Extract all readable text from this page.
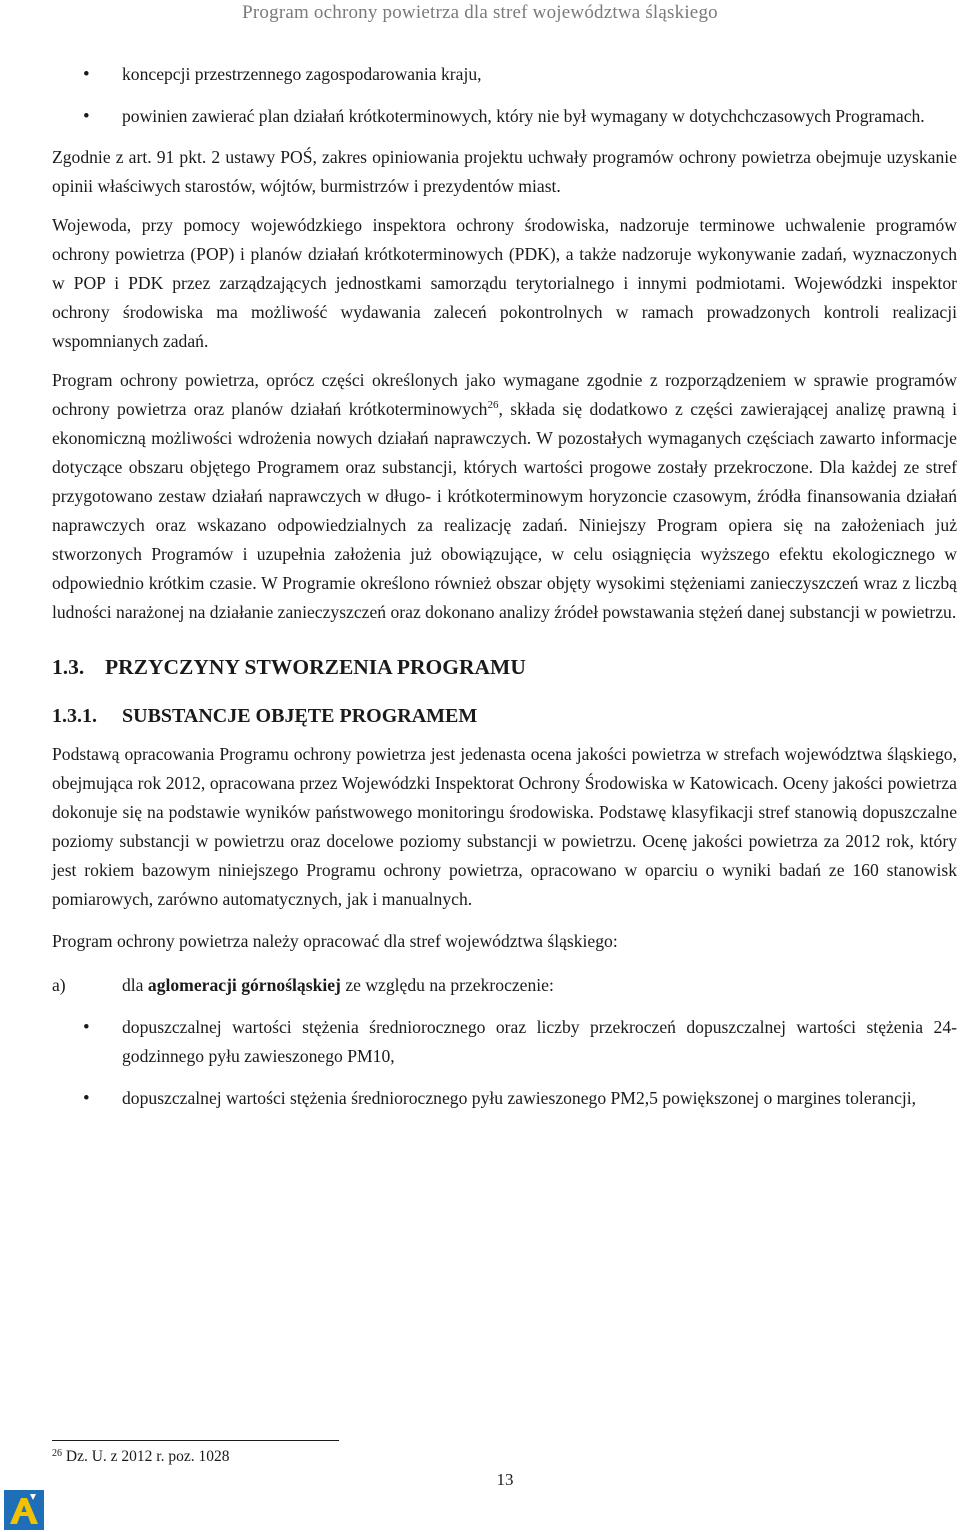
Program ochrony powietrza dla stref województwa śląskiego
• koncepcji przestrzennego zagospodarowania kraju,
• powinien zawierać plan działań krótkoterminowych, który nie był wymagany w dotychchczasowych Programach.

Zgodnie z art. 91 pkt. 2 ustawy POŚ, zakres opiniowania projektu uchwały programów ochrony powietrza obejmuje uzyskanie opinii właściwych starostów, wójtów, burmistrzów i prezydentów miast.

Wojewoda, przy pomocy wojewódzkiego inspektora ochrony środowiska, nadzoruje terminowe uchwalenie programów ochrony powietrza (POP) i planów działań krótkoterminowych (PDK), a także nadzoruje wykonywanie zadań, wyznaczonych w POP i PDK przez zarządzających jednostkami samorządu terytorialnego i innymi podmiotami. Wojewódzki inspektor ochrony środowiska ma możliwość wydawania zaleceń pokontrolnych w ramach prowadzonych kontroli realizacji wspomnianych zadań.

Program ochrony powietrza, oprócz części określonych jako wymagane zgodnie z rozporządzeniem w sprawie programów ochrony powietrza oraz planów działań krótkoterminowych$^{26}$, składa się dodatkowo z części zawierającej analizę prawną i ekonomiczną możliwości wdrożenia nowych działań naprawczych. W pozostałych wymaganych częściach zawarto informacje dotyczące obszaru objętego Programem oraz substancji, których wartości progowe zostały przekroczone. Dla każdej ze stref przygotowano zestaw działań naprawczych w długo- i krótkoterminowym horyzoncie czasowym, źródła finansowania działań naprawczych oraz wskazano odpowiedzialnych za realizację zadań. Niniejszy Program opiera się na założeniach już stworzonych Programów i uzupełnia założenia już obowiązujące, w celu osiągnięcia wyższego efektu ekologicznego w odpowiednio krótkim czasie. W Programie określono również obszar objęty wysokimi stężeniami zanieczyszczeń wraz z liczbą ludności narażonej na działanie zanieczyszczeń oraz dokonano analizy źródeł powstawania stężeń danej substancji w powietrzu.

1.3. PRZYCZYNY STWORZENIA PROGRAMU
1.3.1. SUBSTANCJE OBJĘTE PROGRAMEM

Podstawą opracowania Programu ochrony powietrza jest jedenasta ocena jakości powietrza w strefach województwa śląskiego, obejmująca rok 2012, opracowana przez Wojewódzki Inspektorat Ochrony Środowiska w Katowicach. Oceny jakości powietrza dokonuje się na podstawie wyników państwowego monitoringu środowiska. Podstawę klasyfikacji stref stanowią dopuszczalne poziomy substancji w powietrzu oraz docelowe poziomy substancji w powietrzu. Ocenę jakości powietrza za 2012 rok, który jest rokiem bazowym niniejszego Programu ochrony powietrza, opracowano w oparciu o wyniki badań ze 160 stanowisk pomiarowych, zarówno automatycznych, jak i manualnych.

Program ochrony powietrza należy opracować dla stref województwa śląskiego:

a)	dla aglomeracji górnośląskiej ze względu na przekroczenie:
• dopuszczalnej wartości stężenia średniorocznego oraz liczby przekroczeń dopuszczalnej wartości stężenia 24-godzinnego pyłu zawieszonego PM10,
• dopuszczalnej wartości stężenia średniorocznego pyłu zawieszonego PM2,5 powiększonej o margines tolerancji,
$^{26}$ Dz. U. z 2012 r. poz. 1028
13
